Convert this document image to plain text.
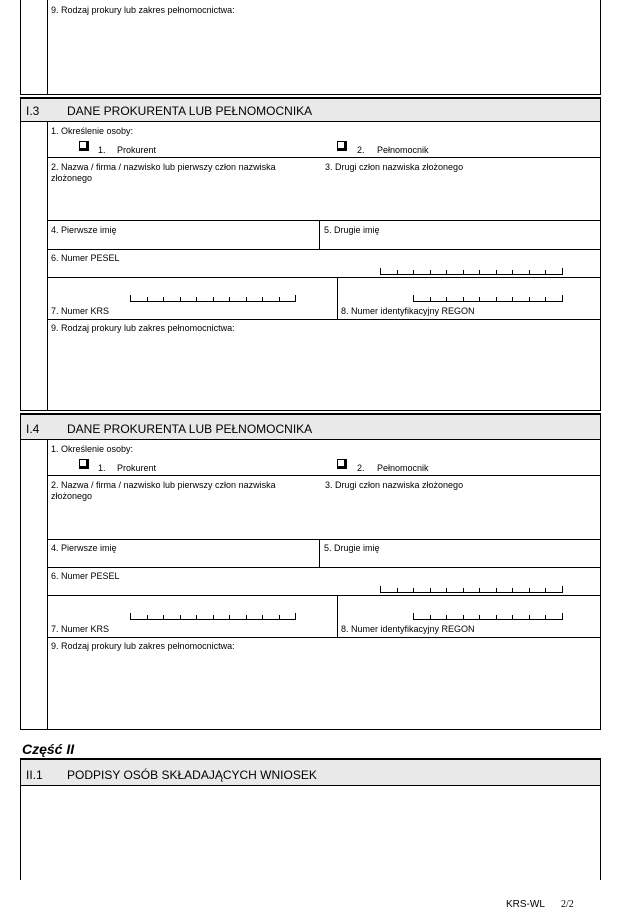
9. Rodzaj prokury lub zakres pełnomocnictwa:
I.3 DANE PROKURENTA LUB PEŁNOMOCNIKA
1. Określenie osoby:
1. Prokurent	2. Pełnomocnik
2. Nazwa / firma / nazwisko lub pierwszy człon nazwiska złożonego
3. Drugi człon nazwiska złożonego
4. Pierwsze imię	5. Drugie imię
6. Numer PESEL
7. Numer KRS	8. Numer identyfikacyjny REGON
9. Rodzaj prokury lub zakres pełnomocnictwa:
I.4 DANE PROKURENTA LUB PEŁNOMOCNIKA
1. Określenie osoby:
1. Prokurent	2. Pełnomocnik
2. Nazwa / firma / nazwisko lub pierwszy człon nazwiska złożonego
3. Drugi człon nazwiska złożonego
4. Pierwsze imię	5. Drugie imię
6. Numer PESEL
7. Numer KRS	8. Numer identyfikacyjny REGON
9. Rodzaj prokury lub zakres pełnomocnictwa:
Część II
II.1 PODPISY OSÓB SKŁADAJĄCYCH WNIOSEK
KRS-WL 2/2
